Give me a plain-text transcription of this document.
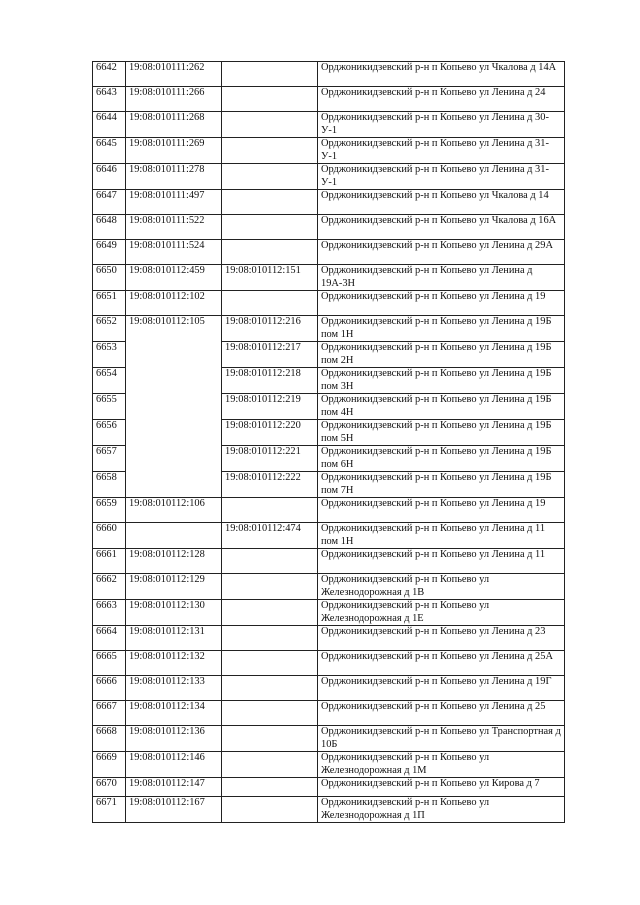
6642	19:08:010111:262		Орджоникидзевский р-н п Копьево ул Чкалова д 14А
6643	19:08:010111:266		Орджоникидзевский р-н п Копьево ул Ленина д 24
6644	19:08:010111:268		Орджоникидзевский р-н п Копьево ул Ленина д 30-У-1
6645	19:08:010111:269		Орджоникидзевский р-н п Копьево ул Ленина д 31-У-1
6646	19:08:010111:278		Орджоникидзевский р-н п Копьево ул Ленина д 31-У-1
6647	19:08:010111:497		Орджоникидзевский р-н п Копьево ул Чкалова д 14
6648	19:08:010111:522		Орджоникидзевский р-н п Копьево ул Чкалова д 16А
6649	19:08:010111:524		Орджоникидзевский р-н п Копьево ул Ленина д 29А
6650	19:08:010112:459	19:08:010112:151	Орджоникидзевский р-н п Копьево ул Ленина д 19А-3Н
6651	19:08:010112:102		Орджоникидзевский р-н п Копьево ул Ленина д 19
6652	19:08:010112:105	19:08:010112:216	Орджоникидзевский р-н п Копьево ул Ленина д 19Б пом 1Н
6653		19:08:010112:217	Орджоникидзевский р-н п Копьево ул Ленина д 19Б пом 2Н
6654		19:08:010112:218	Орджоникидзевский р-н п Копьево ул Ленина д 19Б пом 3Н
6655		19:08:010112:219	Орджоникидзевский р-н п Копьево ул Ленина д 19Б пом 4Н
6656		19:08:010112:220	Орджоникидзевский р-н п Копьево ул Ленина д 19Б пом 5Н
6657		19:08:010112:221	Орджоникидзевский р-н п Копьево ул Ленина д 19Б пом 6Н
6658		19:08:010112:222	Орджоникидзевский р-н п Копьево ул Ленина д 19Б пом 7Н
6659	19:08:010112:106		Орджоникидзевский р-н п Копьево ул Ленина д 19
6660		19:08:010112:474	Орджоникидзевский р-н п Копьево ул Ленина д 11 пом 1Н
6661	19:08:010112:128		Орджоникидзевский р-н п Копьево ул Ленина д 11
6662	19:08:010112:129		Орджоникидзевский р-н п Копьево ул Железнодорожная д 1В
6663	19:08:010112:130		Орджоникидзевский р-н п Копьево ул Железнодорожная д 1Е
6664	19:08:010112:131		Орджоникидзевский р-н п Копьево ул Ленина д 23
6665	19:08:010112:132		Орджоникидзевский р-н п Копьево ул Ленина д 25А
6666	19:08:010112:133		Орджоникидзевский р-н п Копьево ул Ленина д 19Г
6667	19:08:010112:134		Орджоникидзевский р-н п Копьево ул Ленина д 25
6668	19:08:010112:136		Орджоникидзевский р-н п Копьево ул Транспортная д 10Б
6669	19:08:010112:146		Орджоникидзевский р-н п Копьево ул Железнодорожная д 1М
6670	19:08:010112:147		Орджоникидзевский р-н п Копьево ул Кирова д 7
6671	19:08:010112:167		Орджоникидзевский р-н п Копьево ул Железнодорожная д 1П
